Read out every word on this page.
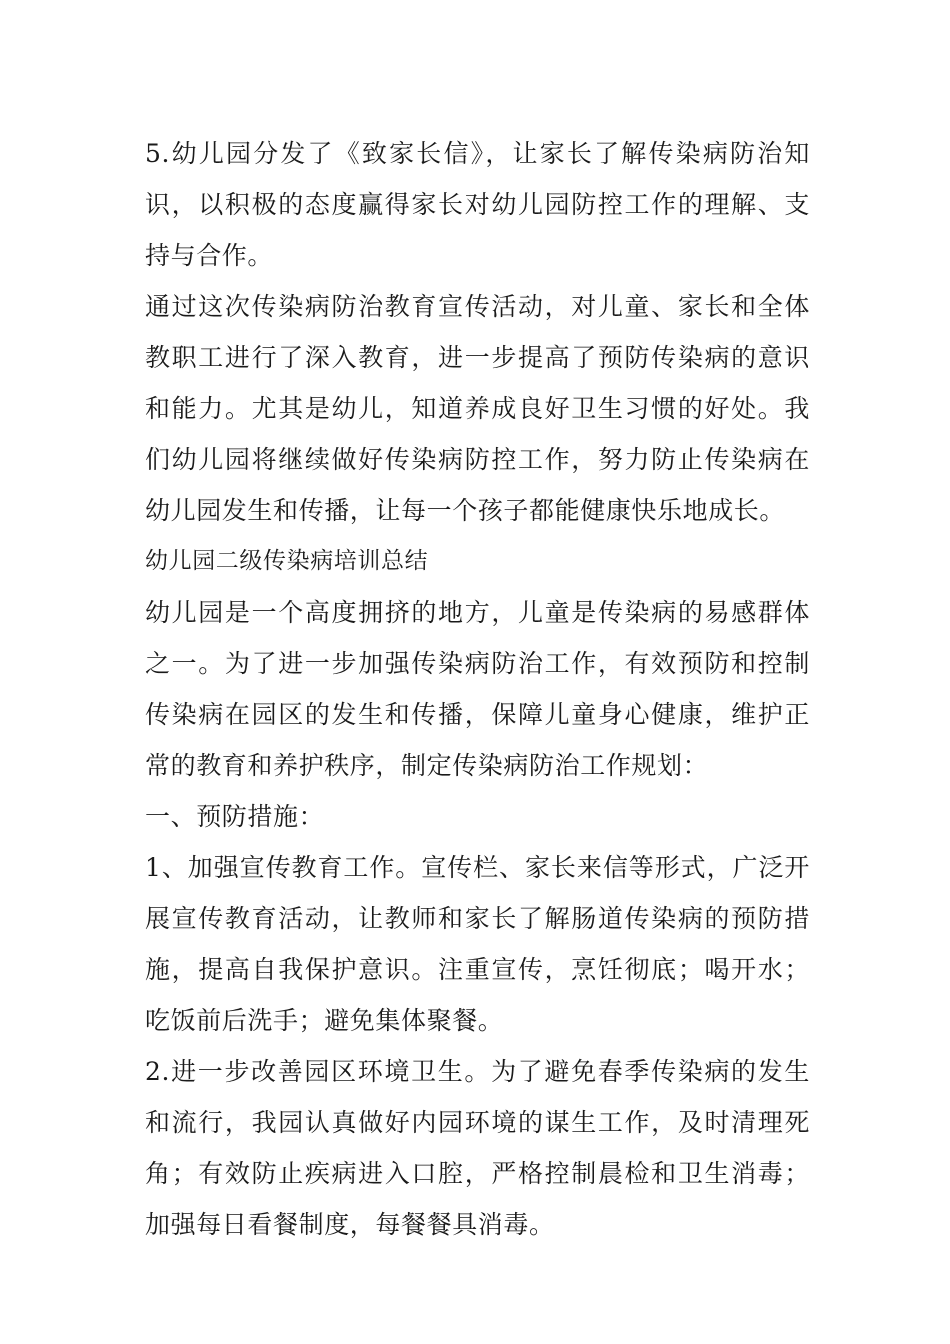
5.幼儿园分发了《致家长信》，让家长了解传染病防治知识，以积极的态度赢得家长对幼儿园防控工作的理解、支持与合作。

通过这次传染病防治教育宣传活动，对儿童、家长和全体教职工进行了深入教育，进一步提高了预防传染病的意识和能力。尤其是幼儿，知道养成良好卫生习惯的好处。我们幼儿园将继续做好传染病防控工作，努力防止传染病在幼儿园发生和传播，让每一个孩子都能健康快乐地成长。

幼儿园二级传染病培训总结

幼儿园是一个高度拥挤的地方，儿童是传染病的易感群体之一。为了进一步加强传染病防治工作，有效预防和控制传染病在园区的发生和传播，保障儿童身心健康，维护正常的教育和养护秩序，制定传染病防治工作规划：

一、预防措施：

1、加强宣传教育工作。宣传栏、家长来信等形式，广泛开展宣传教育活动，让教师和家长了解肠道传染病的预防措施，提高自我保护意识。注重宣传，烹饪彻底；喝开水；吃饭前后洗手；避免集体聚餐。

2.进一步改善园区环境卫生。为了避免春季传染病的发生和流行，我园认真做好内园环境的谋生工作，及时清理死角；有效防止疾病进入口腔，严格控制晨检和卫生消毒；加强每日看餐制度，每餐餐具消毒。
